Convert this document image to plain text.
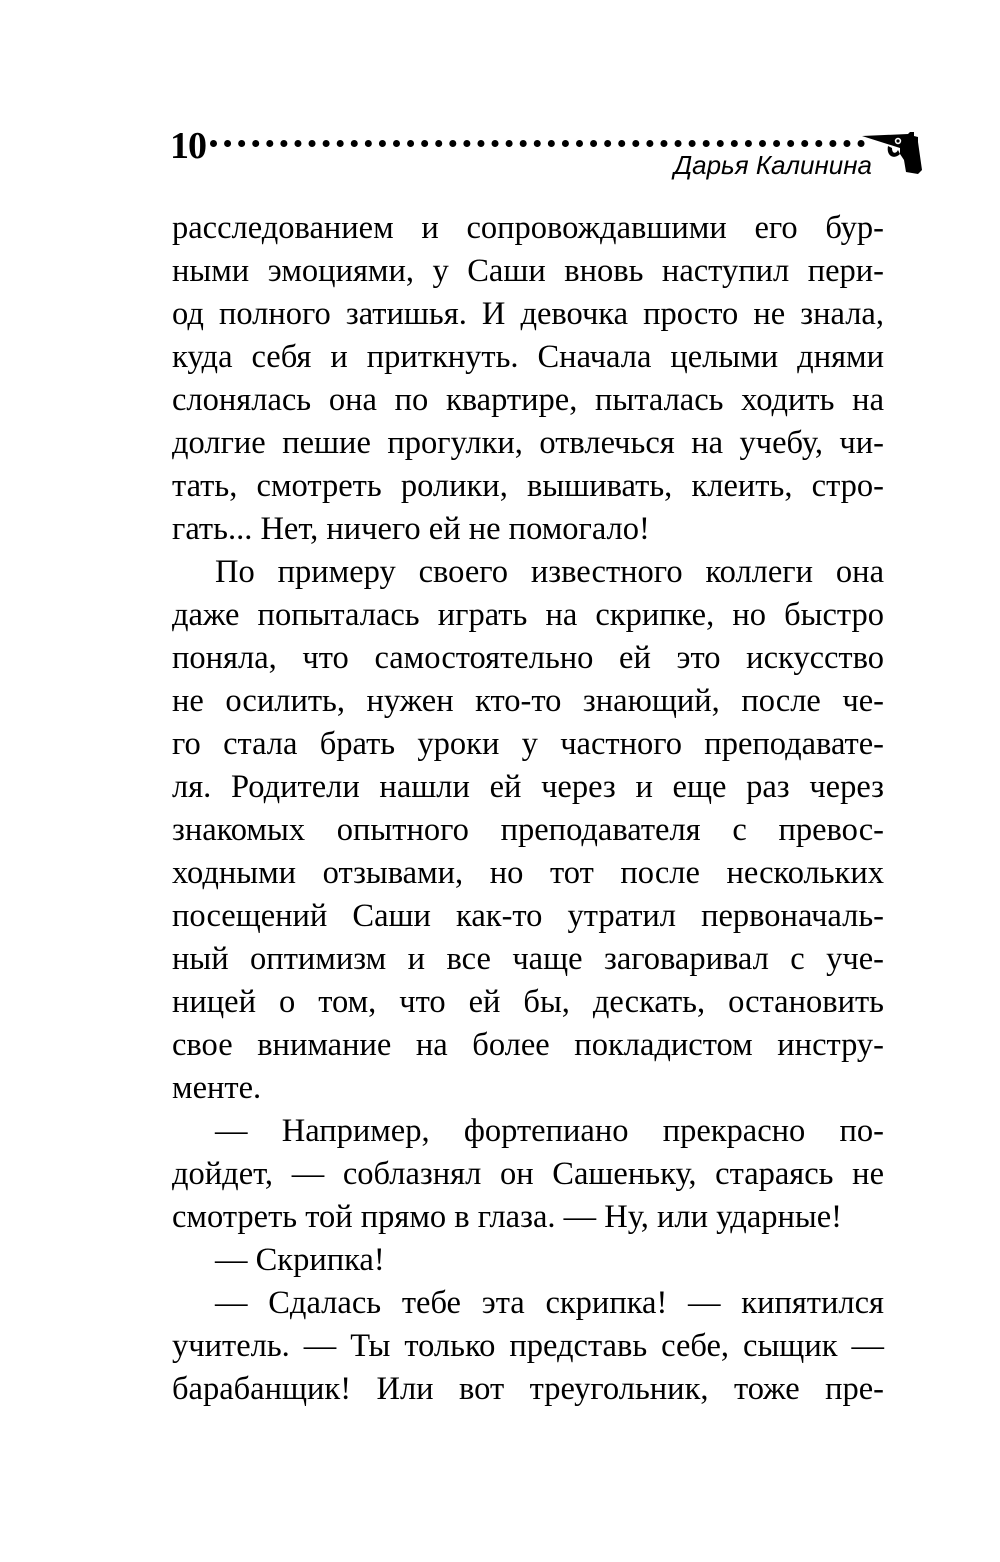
10	Дарья Калинина
расследованием и сопровождавшими его бур-
ными эмоциями, у Саши вновь наступил пери-
од полного затишья. И девочка просто не знала,
куда себя и приткнуть. Сначала целыми днями
слонялась она по квартире, пыталась ходить на
долгие пешие прогулки, отвлечься на учебу, чи-
тать, смотреть ролики, вышивать, клеить, стро-
гать... Нет, ничего ей не помогало!
По примеру своего известного коллеги она
даже попыталась играть на скрипке, но быстро
поняла, что самостоятельно ей это искусство
не осилить, нужен кто-то знающий, после че-
го стала брать уроки у частного преподавате-
ля. Родители нашли ей через и еще раз через
знакомых опытного преподавателя с превос-
ходными отзывами, но тот после нескольких
посещений Саши как-то утратил первоначаль-
ный оптимизм и все чаще заговаривал с уче-
ницей о том, что ей бы, дескать, остановить
свое внимание на более покладистом инстру-
менте.
— Например, фортепиано прекрасно по-
дойдет, — соблазнял он Сашеньку, стараясь не
смотреть той прямо в глаза. — Ну, или ударные!
— Скрипка!
— Сдалась тебе эта скрипка! — кипятился
учитель. — Ты только представь себе, сыщик —
барабанщик! Или вот треугольник, тоже пре-
